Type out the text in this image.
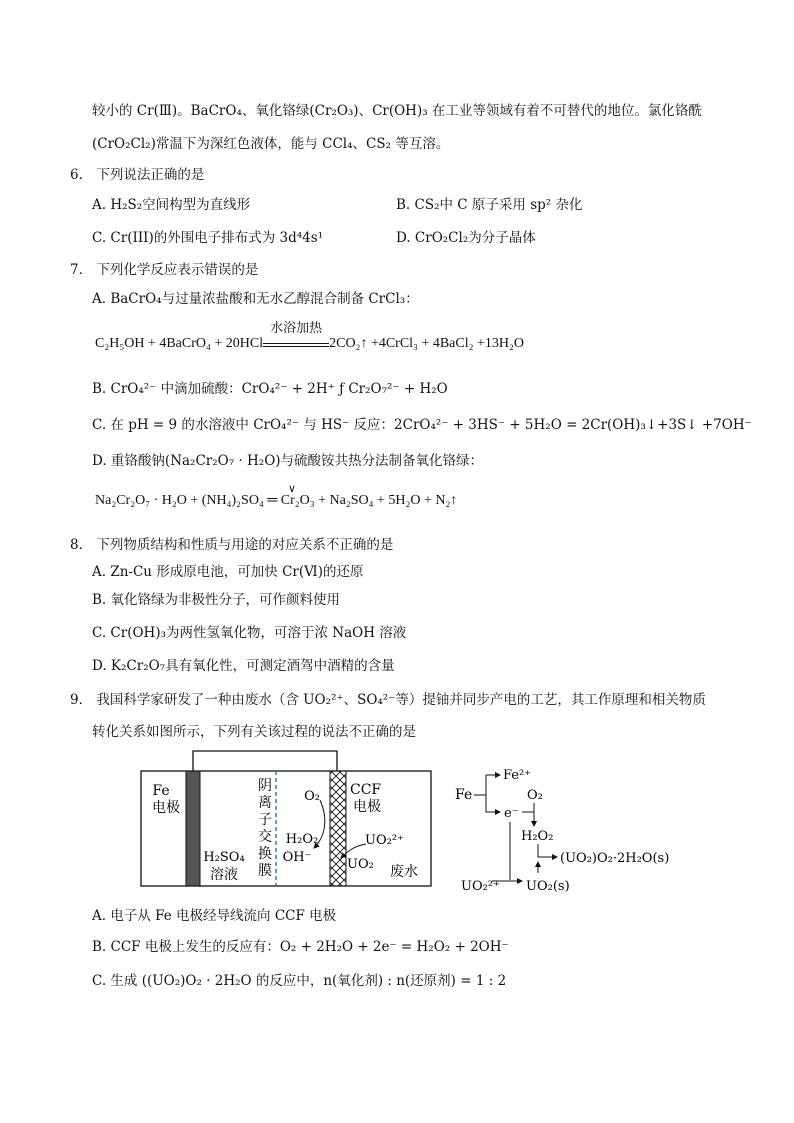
较小的 Cr(Ⅲ)。BaCrO₄、氧化铬绿(Cr₂O₃)、Cr(OH)₃ 在工业等领域有着不可替代的地位。氯化铬酰
(CrO₂Cl₂)常温下为深红色液体，能与 CCl₄、CS₂ 等互溶。
6． 下列说法正确的是
A. H₂S₂空间构型为直线形	B. CS₂中 C 原子采用 sp² 杂化
C. Cr(III)的外围电子排布式为 3d⁴4s¹	D. CrO₂Cl₂为分子晶体
7． 下列化学反应表示错误的是
A. BaCrO₄与过量浓盐酸和无水乙醇混合制备 CrCl₃：
C₂H₅OH + 4BaCrO₄ + 20HCl
水浴加热
2CO₂↑ +4CrCl₃ + 4BaCl₂ +13H₂O
B. CrO₄²⁻ 中滴加硫酸：CrO₄²⁻ + 2H⁺ ƒ Cr₂O₇²⁻ + H₂O
C. 在 pH = 9 的水溶液中 CrO₄²⁻ 与 HS⁻ 反应：2CrO₄²⁻ + 3HS⁻ + 5H₂O = 2Cr(OH)₃↓+3S↓ +7OH⁻
D. 重铬酸钠(Na₂Cr₂O₇ · H₂O)与硫酸铵共热分法制备氧化铬绿：
∨
Na₂Cr₂O₇ · H₂O + (NH₄)₂SO₄ ═ Cr₂O₃ + Na₂SO₄ + 5H₂O + N₂↑
8． 下列物质结构和性质与用途的对应关系不正确的是
A. Zn-Cu 形成原电池，可加快 Cr(Ⅵ)的还原
B. 氧化铬绿为非极性分子，可作颜料使用
C. Cr(OH)₃为两性氢氧化物，可溶于浓 NaOH 溶液
D. K₂Cr₂O₇具有氧化性，可测定酒驾中酒精的含量
9． 我国科学家研发了一种由废水（含 UO₂²⁺、SO₄²⁻等）提铀并同步产电的工艺，其工作原理和相关物质
转化关系如图所示，下列有关该过程的说法不正确的是
Fe
电极
阴
离
子
交
换
膜
H₂SO₄
溶液
O₂
H₂O₂
OH⁻
CCF
电极
UO₂²⁺
UO₂ 废水
Fe
Fe²⁺
e⁻
O₂
H₂O₂
(UO₂)O₂·2H₂O(s)
UO₂²⁺ UO₂(s)
A. 电子从 Fe 电极经导线流向 CCF 电极
B. CCF 电极上发生的反应有：O₂ + 2H₂O + 2e⁻ = H₂O₂ + 2OH⁻
C. 生成 ((UO₂)O₂ · 2H₂O 的反应中，n(氧化剂) : n(还原剂) = 1 : 2
